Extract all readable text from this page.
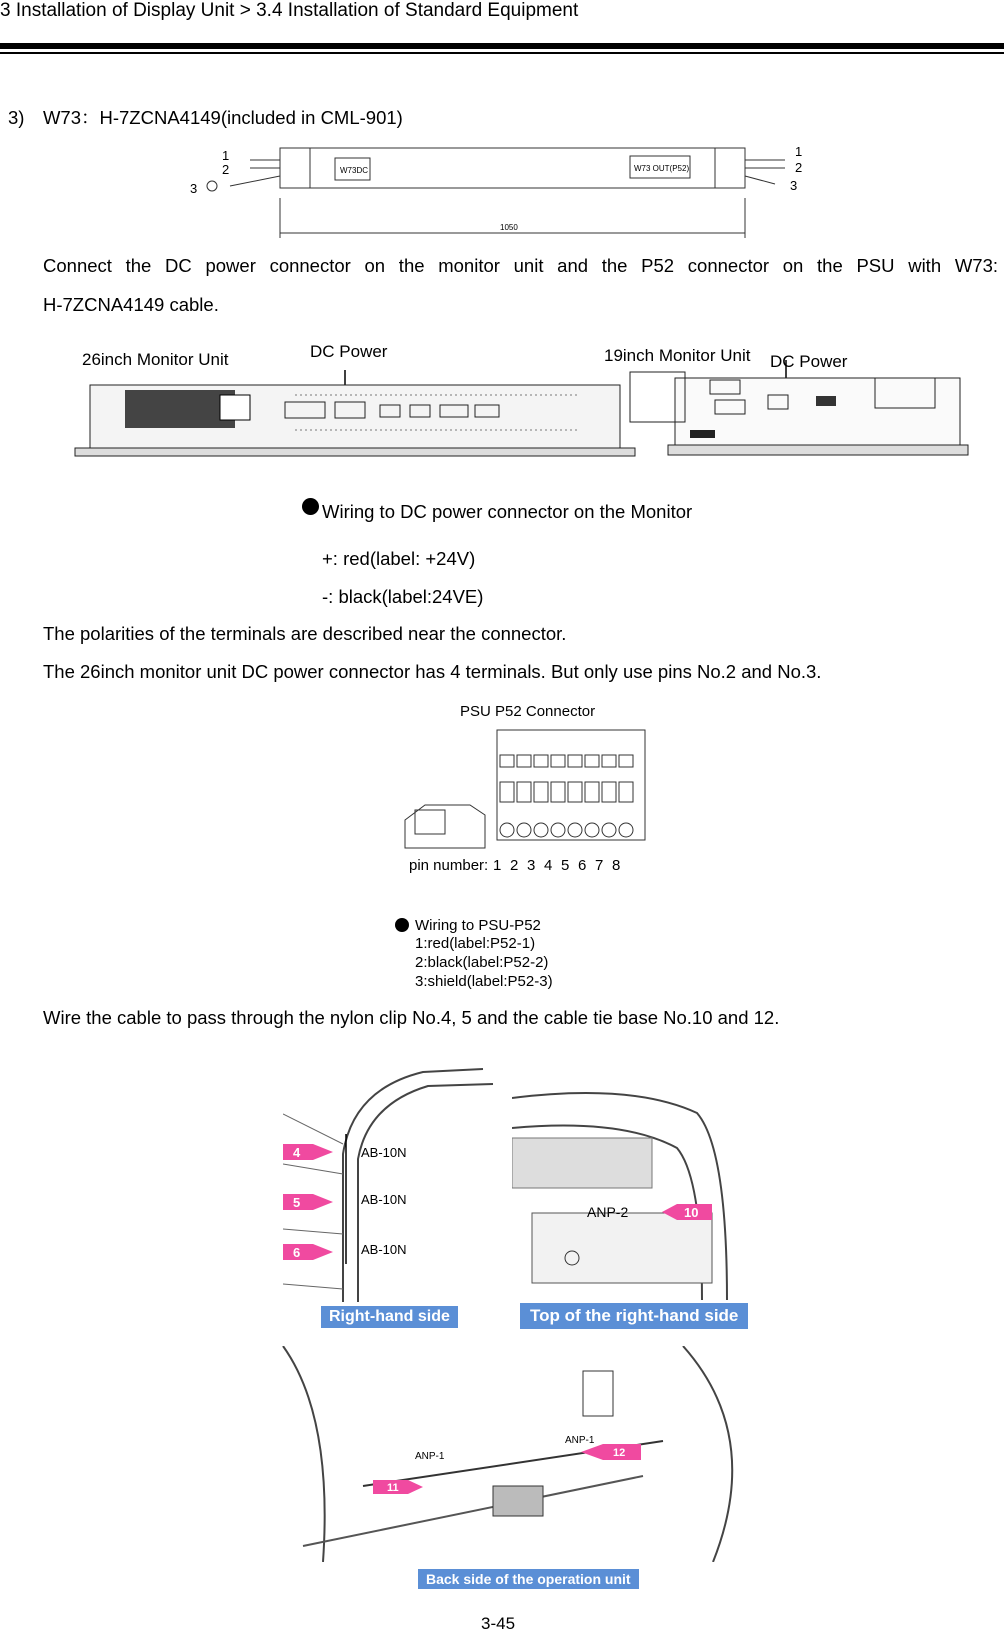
3 Installation of Display Unit > 3.4 Installation of Standard Equipment
3)　W73：H-7ZCNA4149(included in CML-901)
W73DC	W73 OUT(P52)
1
2
3
1
2
3
1050
Connect the DC power connector on the monitor unit and the P52 connector on the PSU with W73:
H-7ZCNA4149 cable.
26inch Monitor Unit	DC Power	19inch Monitor Unit DC Power
Wiring to DC power connector on the Monitor
+: red(label: +24V)
-: black(label:24VE)
The polarities of the terminals are described near the connector.
The 26inch monitor unit DC power connector has 4 terminals. But only use pins No.2 and No.3.
PSU P52 Connector
pin number: 1 2 3 4 5 6 7 8
Wiring to PSU-P52
1:red(label:P52-1)
2:black(label:P52-2)
3:shield(label:P52-3)
Wire the cable to pass through the nylon clip No.4, 5 and the cable tie base No.10 and 12.
AB-10N
AB-10N
AB-10N
4
5
6
Right-hand side
ANP-2	10
Top of the right-hand side
ANP-1
ANP-1
11
12
Back side of the operation unit
3-45
